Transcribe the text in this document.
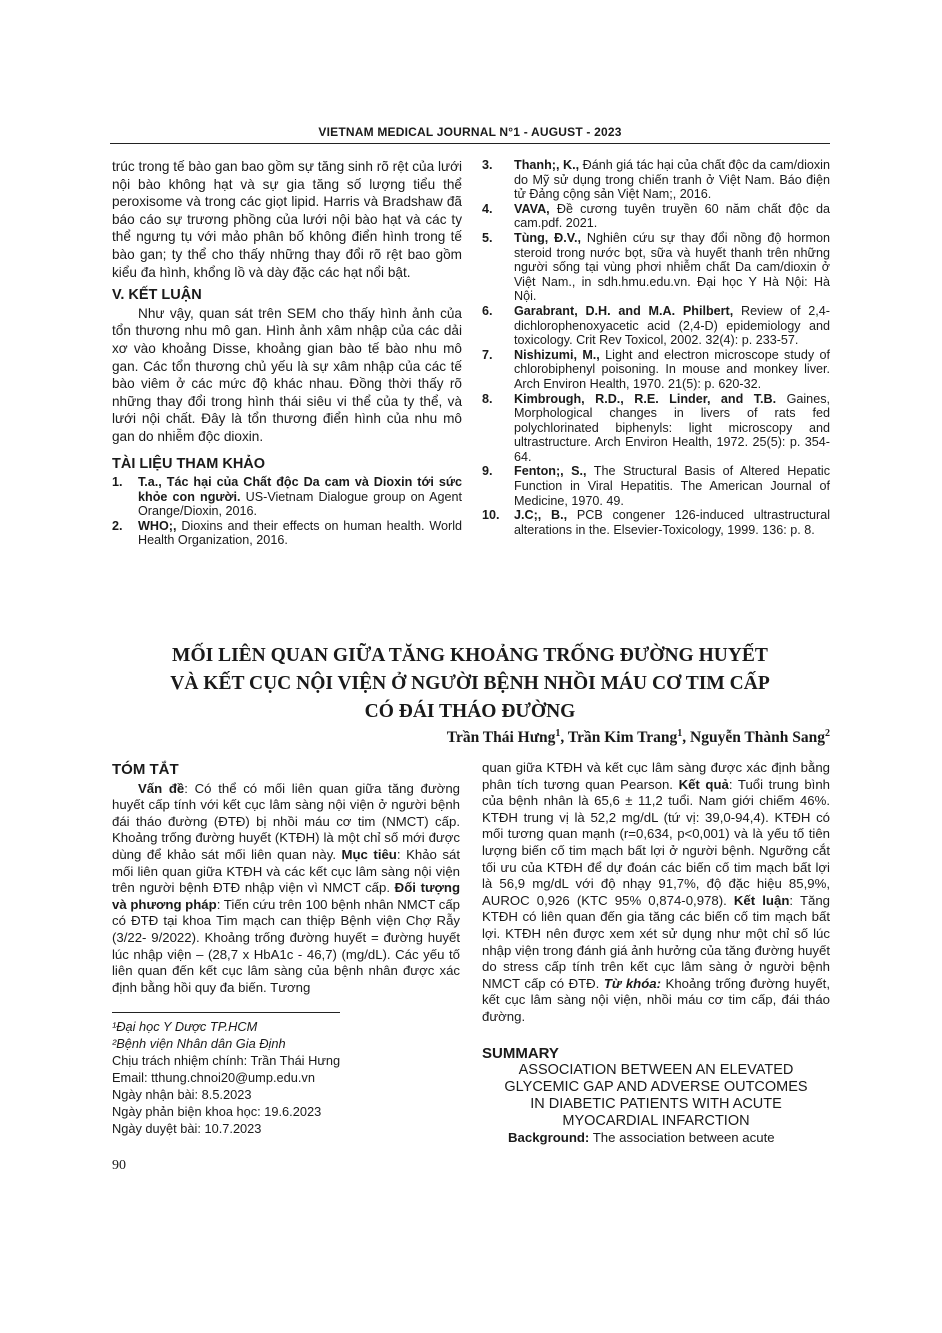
VIETNAM MEDICAL JOURNAL N°1 - AUGUST - 2023

trúc trong tế bào gan bao gồm sự tăng sinh rõ rệt của lưới nội bào không hạt và sự gia tăng số lượng tiểu thể peroxisome và trong các giọt lipid. Harris và Bradshaw đã báo cáo sự trương phồng của lưới nội bào hạt và các ty thể ngưng tụ với mảo phân bố không điển hình trong tế bào gan; ty thể cho thấy những thay đổi rõ rệt bao gồm kiểu đa hình, khổng lồ và dày đặc các hạt nổi bật.

V. KẾT LUẬN

Như vậy, quan sát trên SEM cho thấy hình ảnh của tổn thương nhu mô gan. Hình ảnh xâm nhập của các dải xơ vào khoảng Disse, khoảng gian bào tế bào nhu mô gan. Các tổn thương chủ yếu là sự xâm nhập của các tế bào viêm ở các mức độ khác nhau. Đồng thời thấy rõ những thay đổi trong hình thái siêu vi thể của ty thể, và lưới nội chất. Đây là tổn thương điển hình của nhu mô gan do nhiễm độc dioxin.

TÀI LIỆU THAM KHẢO
1. T.a., Tác hại của Chất độc Da cam và Dioxin tới sức khỏe con người. US-Vietnam Dialogue group on Agent Orange/Dioxin, 2016.
2. WHO;, Dioxins and their effects on human health. World Health Organization, 2016.
3. Thanh;, K., Đánh giá tác hại của chất độc da cam/dioxin do Mỹ sử dụng trong chiến tranh ở Việt Nam. Báo điện tử Đảng cộng sản Việt Nam;, 2016.
4. VAVA, Đề cương tuyên truyền 60 năm chất độc da cam.pdf. 2021.
5. Tùng, Đ.V., Nghiên cứu sự thay đổi nồng độ hormon steroid trong nước bọt, sữa và huyết thanh trên những người sống tại vùng phơi nhiễm chất Da cam/dioxin ở Việt Nam., in sdh.hmu.edu.vn. Đại học Y Hà Nội: Hà Nội.
6. Garabrant, D.H. and M.A. Philbert, Review of 2,4-dichlorophenoxyacetic acid (2,4-D) epidemiology and toxicology. Crit Rev Toxicol, 2002. 32(4): p. 233-57.
7. Nishizumi, M., Light and electron microscope study of chlorobiphenyl poisoning. In mouse and monkey liver. Arch Environ Health, 1970. 21(5): p. 620-32.
8. Kimbrough, R.D., R.E. Linder, and T.B. Gaines, Morphological changes in livers of rats fed polychlorinated biphenyls: light microscopy and ultrastructure. Arch Environ Health, 1972. 25(5): p. 354-64.
9. Fenton;, S., The Structural Basis of Altered Hepatic Function in Viral Hepatitis. The American Journal of Medicine, 1970. 49.
10. J.C;, B., PCB congener 126-induced ultrastructural alterations in the. Elsevier-Toxicology, 1999. 136: p. 8.
MỐI LIÊN QUAN GIỮA TĂNG KHOẢNG TRỐNG ĐƯỜNG HUYẾT
VÀ KẾT CỤC NỘI VIỆN Ở NGƯỜI BỆNH NHỒI MÁU CƠ TIM CẤP
CÓ ĐÁI THÁO ĐƯỜNG
Trần Thái Hưng$^1$, Trần Kim Trang$^1$, Nguyễn Thành Sang$^2$
TÓM TẮT

Vấn đề: Có thể có mối liên quan giữa tăng đường huyết cấp tính với kết cục lâm sàng nội viện ở người bệnh đái tháo đường (ĐTĐ) bị nhồi máu cơ tim (NMCT) cấp. Khoảng trống đường huyết (KTĐH) là một chỉ số mới được dùng để khảo sát mối liên quan này. Mục tiêu: Khảo sát mối liên quan giữa KTĐH và các kết cục lâm sàng nội viện trên người bệnh ĐTĐ nhập viện vì NMCT cấp. Đối tượng và phương pháp: Tiến cứu trên 100 bệnh nhân NMCT cấp có ĐTĐ tại khoa Tim mạch can thiệp Bệnh viện Chợ Rẫy (3/22- 9/2022). Khoảng trống đường huyết = đường huyết lúc nhập viện – (28,7 x HbA1c - 46,7) (mg/dL). Các yếu tố liên quan đến kết cục lâm sàng của bệnh nhân được xác định bằng hồi quy đa biến. Tương

quan giữa KTĐH và kết cục lâm sàng được xác định bằng phân tích tương quan Pearson. Kết quả: Tuổi trung bình của bệnh nhân là 65,6 ± 11,2 tuổi. Nam giới chiếm 46%. KTĐH trung vị là 52,2 mg/dL (tứ vị: 39,0-94,4). KTĐH có mối tương quan mạnh (r=0,634, p<0,001) và là yếu tố tiên lượng biến cố tim mạch bất lợi ở người bệnh. Ngưỡng cắt tối ưu của KTĐH để dự đoán các biến cố tim mạch bất lợi là 56,9 mg/dL với độ nhạy 91,7%, độ đặc hiệu 85,9%, AUROC 0,926 (KTC 95% 0,874-0,978). Kết luận: Tăng KTĐH có liên quan đến gia tăng các biến cố tim mạch bất lợi. KTĐH nên được xem xét sử dụng như một chỉ số lúc nhập viện trong đánh giá ảnh hưởng của tăng đường huyết do stress cấp tính trên kết cục lâm sàng ở người bệnh NMCT cấp có ĐTĐ. Từ khóa: Khoảng trống đường huyết, kết cục lâm sàng nội viện, nhồi máu cơ tim cấp, đái tháo đường.

SUMMARY
ASSOCIATION BETWEEN AN ELEVATED
GLYCEMIC GAP AND ADVERSE OUTCOMES
IN DIABETIC PATIENTS WITH ACUTE
MYOCARDIAL INFARCTION

Background: The association between acute

¹Đại học Y Dược TP.HCM
²Bệnh viện Nhân dân Gia Định
Chịu trách nhiệm chính: Trần Thái Hưng
Email: tthung.chnoi20@ump.edu.vn
Ngày nhận bài: 8.5.2023
Ngày phản biện khoa học: 19.6.2023
Ngày duyệt bài: 10.7.2023
90
